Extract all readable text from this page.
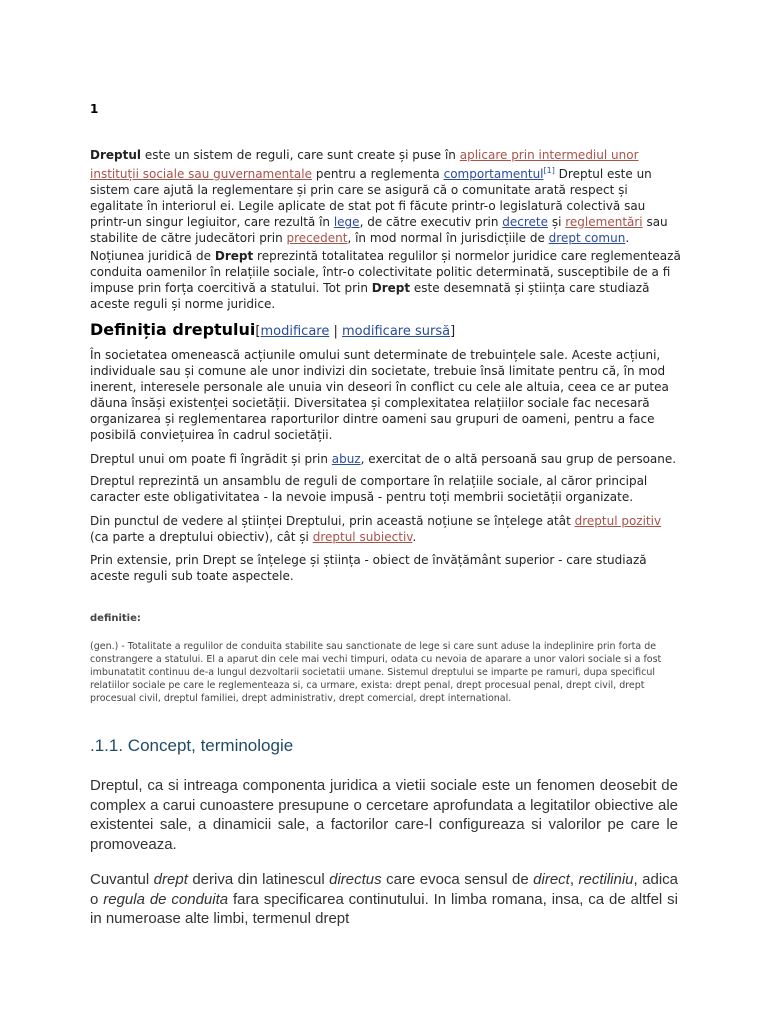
1

Dreptul este un sistem de reguli, care sunt create și puse în aplicare prin intermediul unor instituții sociale sau guvernamentale pentru a reglementa comportamentul[1] Dreptul este un sistem care ajută la reglementare și prin care se asigură că o comunitate arată respect și egalitate în interiorul ei. Legile aplicate de stat pot fi făcute printr-o legislatură colectivă sau printr-un singur legiuitor, care rezultă în lege, de către executiv prin decrete și reglementări sau stabilite de către judecători prin precedent, în mod normal în jurisdicțiile de drept comun.

Noțiunea juridică de Drept reprezintă totalitatea regulilor și normelor juridice care reglementează conduita oamenilor în relațiile sociale, într-o colectivitate politic determinată, susceptibile de a fi impuse prin forța coercitivă a statului. Tot prin Drept este desemnată și știința care studiază aceste reguli și norme juridice.

Definiția dreptului[modificare | modificare sursă]

În societatea omenească acțiunile omului sunt determinate de trebuințele sale. Aceste acțiuni, individuale sau și comune ale unor indivizi din societate, trebuie însă limitate pentru că, în mod inerent, interesele personale ale unuia vin deseori în conflict cu cele ale altuia, ceea ce ar putea dăuna însăși existenței societății. Diversitatea și complexitatea relațiilor sociale fac necesară organizarea și reglementarea raporturilor dintre oameni sau grupuri de oameni, pentru a face posibilă conviețuirea în cadrul societății.

Dreptul unui om poate fi îngrădit și prin abuz, exercitat de o altă persoană sau grup de persoane.

Dreptul reprezintă un ansamblu de reguli de comportare în relațiile sociale, al căror principal caracter este obligativitatea - la nevoie impusă - pentru toți membrii societății organizate.

Din punctul de vedere al științei Dreptului, prin această noțiune se înțelege atât dreptul pozitiv (ca parte a dreptului obiectiv), cât și dreptul subiectiv.

Prin extensie, prin Drept se înțelege și știința - obiect de învățământ superior - care studiază aceste reguli sub toate aspectele.

definitie:
(gen.) - Totalitate a regulilor de conduita stabilite sau sanctionate de lege si care sunt aduse la indeplinire prin forta de constrangere a statului. El a aparut din cele mai vechi timpuri, odata cu nevoia de aparare a unor valori sociale si a fost imbunatatit continuu de-a lungul dezvoltarii societatii umane. Sistemul dreptului se imparte pe ramuri, dupa specificul relatiilor sociale pe care le reglementeaza si, ca urmare, exista: drept penal, drept procesual penal, drept civil, drept procesual civil, dreptul familiei, drept administrativ, drept comercial, drept international.
.1.1. Concept, terminologie

Dreptul, ca si intreaga componenta juridica a vietii sociale este un fenomen deosebit de complex a carui cunoastere presupune o cercetare aprofundata a legitatilor obiective ale existentei sale, a dinamicii sale, a factorilor care-l configureaza si valorilor pe care le promoveaza.

Cuvantul drept deriva din latinescul directus care evoca sensul de direct, rectiliniu, adica o regula de conduita fara specificarea continutului. In limba romana, insa, ca de altfel si in numeroase alte limbi, termenul drept
